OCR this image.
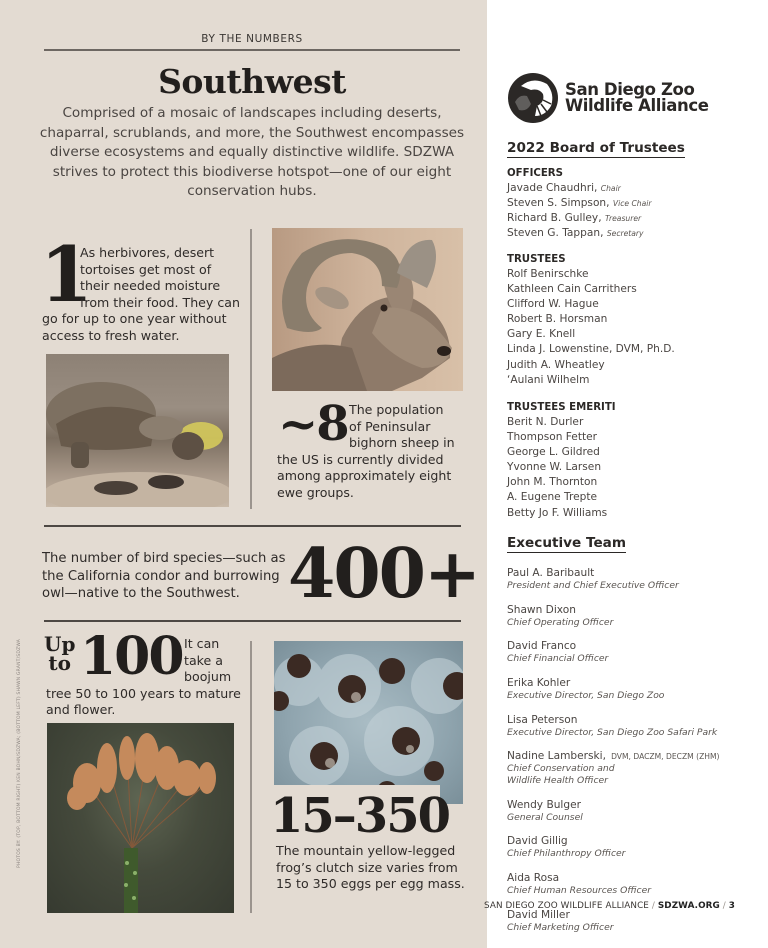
BY THE NUMBERS
Southwest

Comprised of a mosaic of landscapes including deserts, chaparral, scrublands, and more, the Southwest encompasses diverse ecosystems and equally distinctive wildlife. SDZWA strives to protect this biodiverse hotspot—one of our eight conservation hubs.

1
As herbivores, desert
tortoises get most of
their needed moisture
from their food. They can
go for up to one year without access to fresh water.
~8 The population
of Peninsular
bighorn sheep in
the US is currently divided among approximately eight ewe groups.
The number of bird species—such as the California condor and burrowing owl—native to the Southwest. 400+
Up
to 100 It can
take a
boojum
tree 50 to 100 years to mature and flower.
15–350
The mountain yellow-legged frog’s clutch size varies from 15 to 350 eggs per egg mass.
PHOTOS BY: (TOP, BOTTOM RIGHT) KEN BOHN/SDZWA; (BOTTOM LEFT) SHAWN GRANT/SDZWA
San Diego Zoo
Wildlife Alliance
2022 Board of Trustees
OFFICERS
Javade Chaudhri, Chair
Steven S. Simpson, Vice Chair
Richard B. Gulley, Treasurer
Steven G. Tappan, Secretary
TRUSTEES
Rolf Benirschke
Kathleen Cain Carrithers
Clifford W. Hague
Robert B. Horsman
Gary E. Knell
Linda J. Lowenstine, DVM, Ph.D.
Judith A. Wheatley
‘Aulani Wilhelm
TRUSTEES EMERITI
Berit N. Durler
Thompson Fetter
George L. Gildred
Yvonne W. Larsen
John M. Thornton
A. Eugene Trepte
Betty Jo F. Williams
Executive Team
Paul A. Baribault
President and Chief Executive Officer
Shawn Dixon
Chief Operating Officer
David Franco
Chief Financial Officer
Erika Kohler
Executive Director, San Diego Zoo
Lisa Peterson
Executive Director, San Diego Zoo Safari Park
Nadine Lamberski, DVM, DACZM, DECZM (ZHM)
Chief Conservation and Wildlife Health Officer
Wendy Bulger
General Counsel
David Gillig
Chief Philanthropy Officer
Aida Rosa
Chief Human Resources Officer
David Miller
Chief Marketing Officer
SAN DIEGO ZOO WILDLIFE ALLIANCE / SDZWA.ORG / 3
